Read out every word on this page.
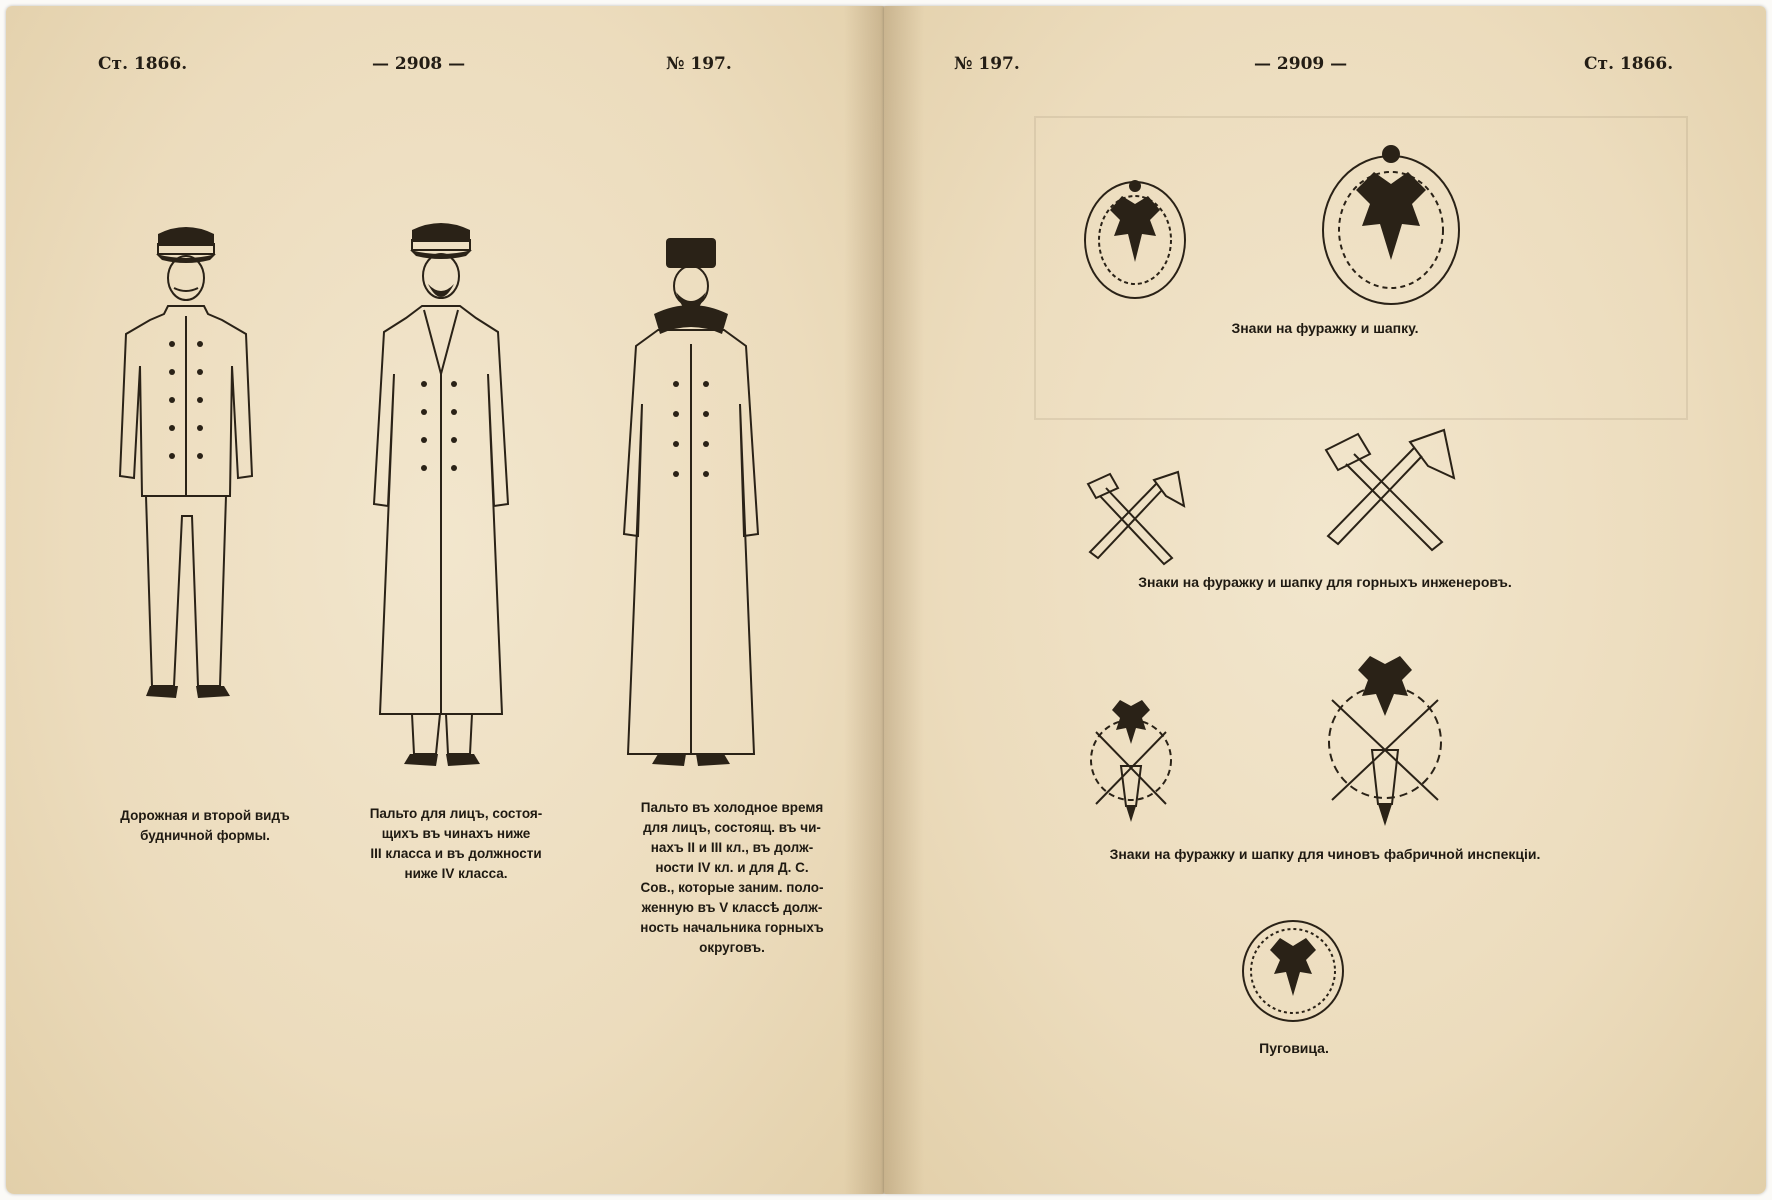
Ст. 1866.	— 2908 —	№ 197.
Дорожная и второй видъ
будничной формы.
Пальто для лицъ, состоя-
щихъ въ чинахъ ниже
III класса и въ должности
ниже IV класса.
Пальто въ холодное время
для лицъ, состоящ. въ чи-
нахъ II и III кл., въ долж-
ности IV кл. и для Д. С.
Сов., которые заним. поло-
женную въ V классѣ долж-
ность начальника горныхъ
округовъ.
№ 197.	— 2909 —	Ст. 1866.
Знаки на фуражку и шапку.
Знаки на фуражку и шапку для горныхъ инженеровъ.
Знаки на фуражку и шапку для чиновъ фабричной инспекціи.
Пуговица.
